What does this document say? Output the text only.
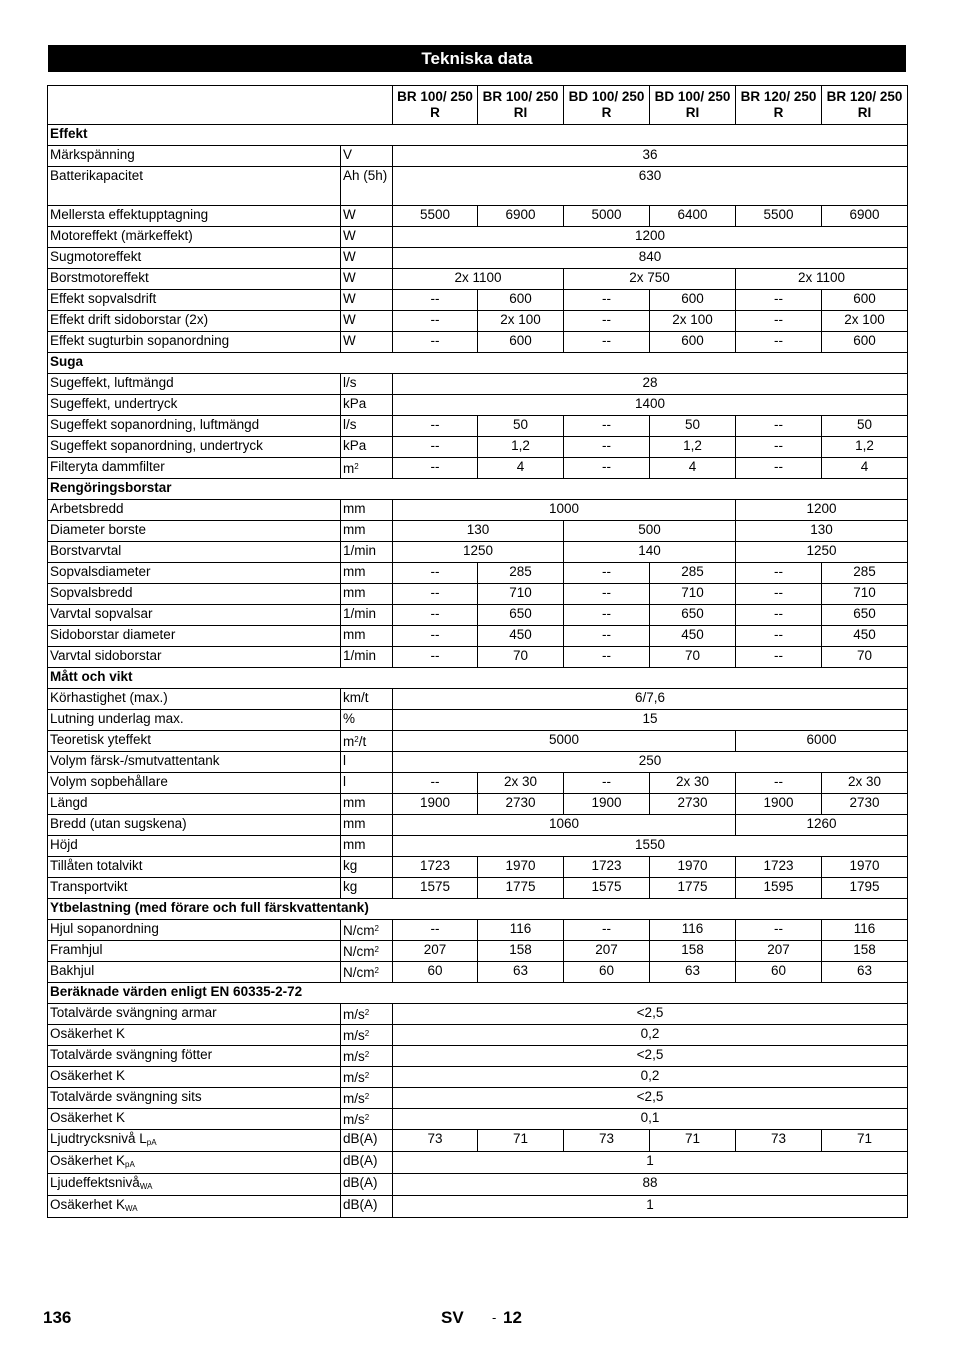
Tekniska data
		BR 100/ 250 R	BR 100/ 250 RI	BD 100/ 250 R	BD 100/ 250 RI	BR 120/ 250 R	BR 120/ 250 RI
Effekt							
Märkspänning	V	36					
Batterikapacitet	Ah (5h)	630					
Mellersta effektupptagning	W	5500	6900	5000	6400	5500	6900
Motoreffekt (märkeffekt)	W	1200					
Sugmotoreffekt	W	840					
Borstmotoreffekt	W	2x 1100		2x 750		2x 1100	
Effekt sopvalsdrift	W	--	600	--	600	--	600
Effekt drift sidoborstar (2x)	W	--	2x 100	--	2x 100	--	2x 100
Effekt sugturbin sopanordning	W	--	600	--	600	--	600
Suga							
Sugeffekt, luftmängd	l/s	28					
Sugeffekt, undertryck	kPa	1400					
Sugeffekt sopanordning, luftmängd	l/s	--	50	--	50	--	50
Sugeffekt sopanordning, undertryck	kPa	--	1,2	--	1,2	--	1,2
Filteryta dammfilter	$m^2$	--	4	--	4	--	4
Rengöringsborstar							
Arbetsbredd	mm	1000				1200	
Diameter borste	mm	130		500		130	
Borstvarvtal	1/min	1250		140		1250	
Sopvalsdiameter	mm	--	285	--	285	--	285
Sopvalsbredd	mm	--	710	--	710	--	710
Varvtal sopvalsar	1/min	--	650	--	650	--	650
Sidoborstar diameter	mm	--	450	--	450	--	450
Varvtal sidoborstar	1/min	--	70	--	70	--	70
Mått och vikt							
Körhastighet (max.)	km/t	6/7,6					
Lutning underlag max.	%	15					
Teoretisk yteffekt	$m^2/t$	5000				6000	
Volym färsk-/smutvattentank	l	250					
Volym sopbehållare	l	--	2x 30	--	2x 30	--	2x 30
Längd	mm	1900	2730	1900	2730	1900	2730
Bredd (utan sugskena)	mm	1060				1260	
Höjd	mm	1550					
Tillåten totalvikt	kg	1723	1970	1723	1970	1723	1970
Transportvikt	kg	1575	1775	1575	1775	1595	1795
Ytbelastning (med förare och full färskvattentank)							
Hjul sopanordning	$N/cm^2$	--	116	--	116	--	116
Framhjul	$N/cm^2$	207	158	207	158	207	158
Bakhjul	$N/cm^2$	60	63	60	63	60	63
Beräknade värden enligt EN 60335-2-72							
Totalvärde svängning armar	$m/s^2$	<2,5					
Osäkerhet K	$m/s^2$	0,2					
Totalvärde svängning fötter	$m/s^2$	<2,5					
Osäkerhet K	$m/s^2$	0,2					
Totalvärde svängning sits	$m/s^2$	<2,5					
Osäkerhet K	$m/s^2$	0,1					
Ljudtrycksnivå $L_{pA}$	dB(A)	73	71	73	71	73	71
Osäkerhet $K_{pA}$	dB(A)	1					
Ljudeffektsnivå$_{WA}$	dB(A)	88					
Osäkerhet $K_{WA}$	dB(A)	1					
136	SV - 12
